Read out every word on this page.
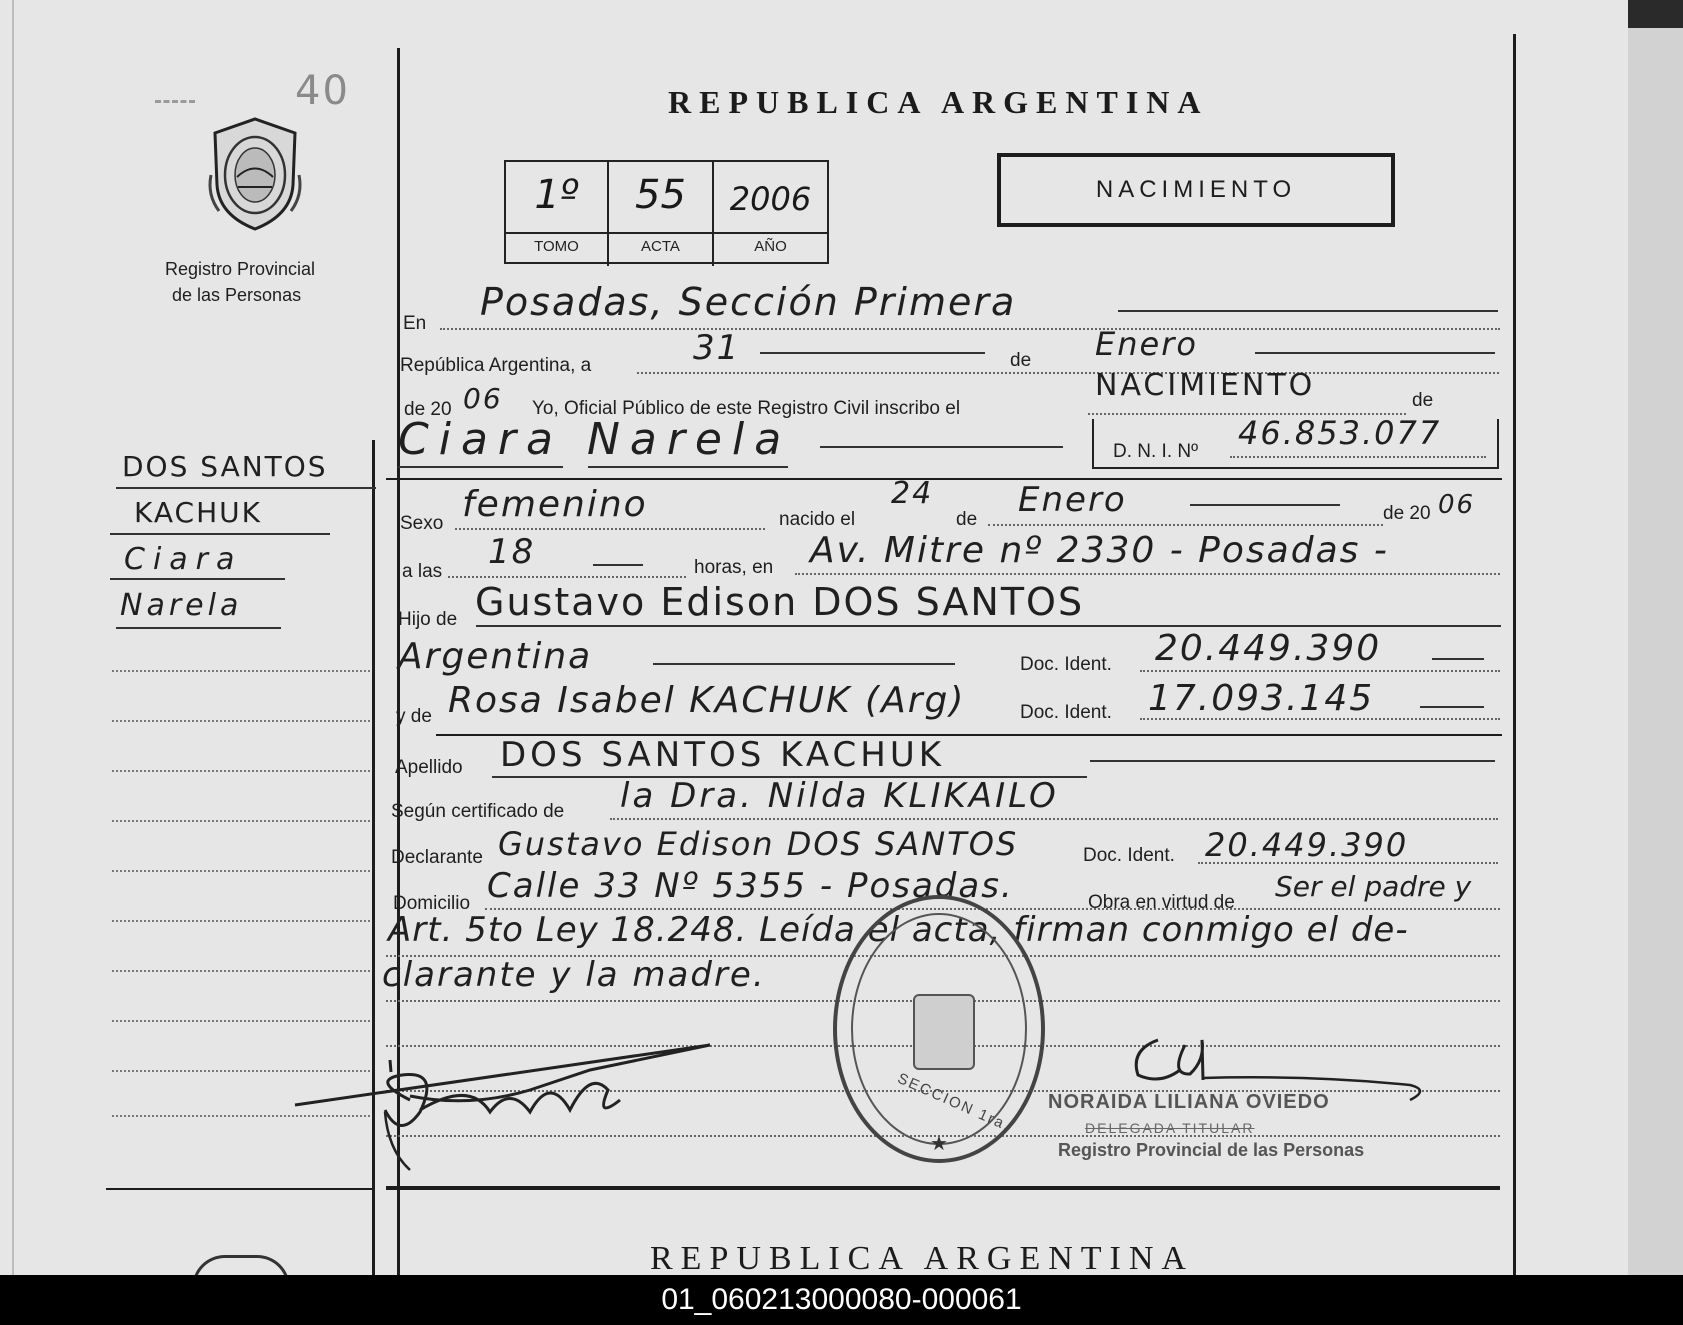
40
Registro Provincial
de las Personas
DOS SANTOS
KACHUK
Ciara
Narela
REPUBLICA ARGENTINA
NACIMIENTO
1º
TOMO
55
ACTA
2006
AÑO
En Posadas, Sección Primera
República Argentina, a	31	de Enero
de 20 06 Yo, Oficial Público de este Registro Civil inscribo el
NACIMIENTO	de
Ciara Narela	D. N. I. Nº 46.853.077
Sexo femenino	nacido el
24
de Enero	de 20 06
a las 18	horas, en Av. Mitre nº 2330 - Posadas -
Hijo de Gustavo Edison DOS SANTOS
Argentina	Doc. Ident. 20.449.390
y de Rosa Isabel KACHUK (Arg)	Doc. Ident. 17.093.145
Apellido DOS SANTOS KACHUK
Según certificado de la Dra. Nilda KLIKAILO
Declarante Gustavo Edison DOS SANTOS	Doc. Ident. 20.449.390
Domicilio Calle 33 Nº 5355 - Posadas.	Obra en virtud de Ser el padre y
Art. 5to Ley 18.248. Leída el acta, firman conmigo el de-
clarante y la madre.
SECCION 1ra.
★
NORAIDA LILIANA OVIEDO
DELEGADA TITULAR
Registro Provincial de las Personas
REPUBLICA ARGENTINA
01_060213000080-000061
